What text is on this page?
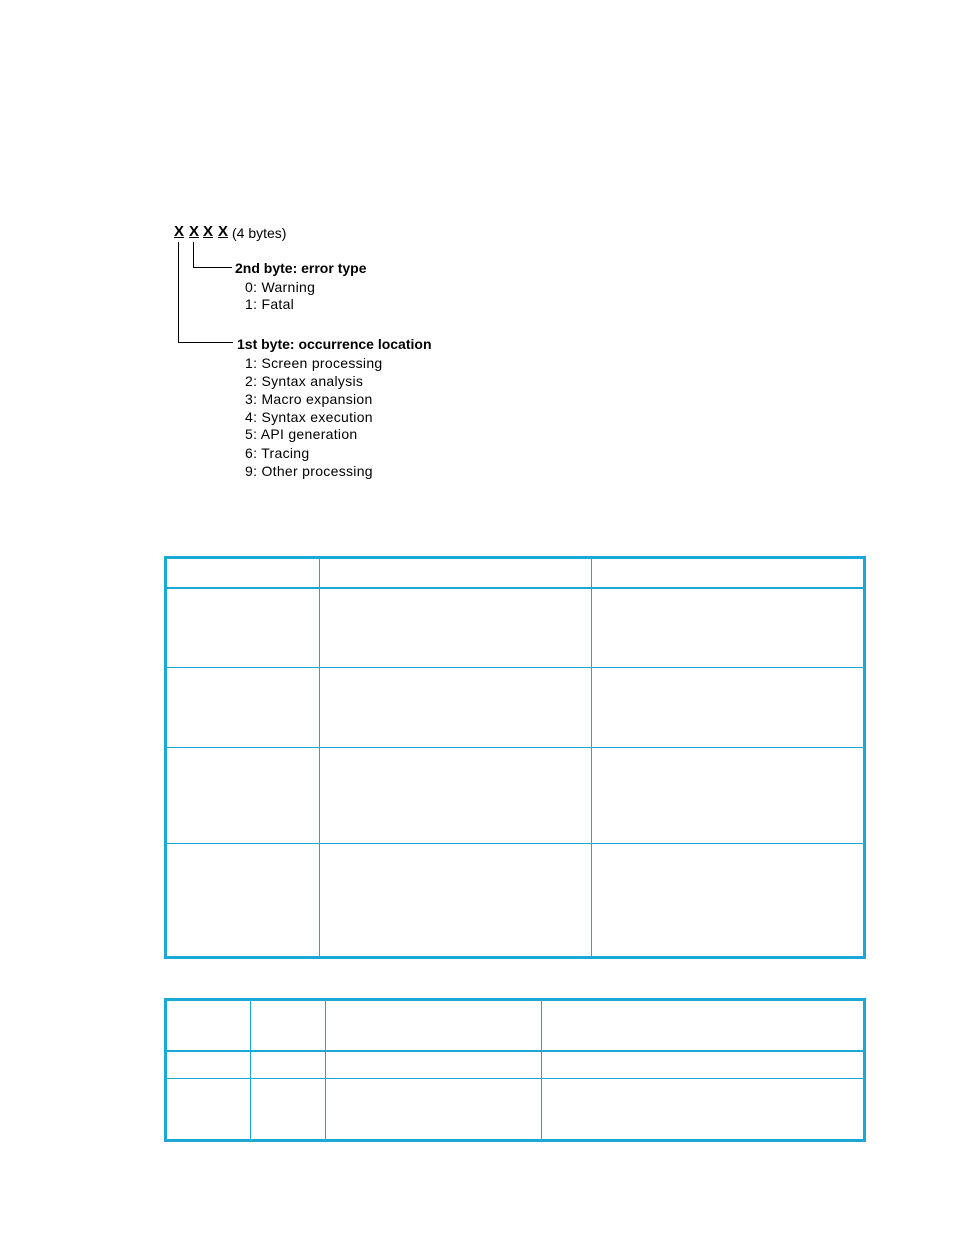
X X X X (4 bytes)
2nd byte: error type
0: Warning
1: Fatal
1st byte: occurrence location
1: Screen processing
2: Syntax analysis
3: Macro expansion
4: Syntax execution
5: API generation
6: Tracing
9: Other processing
